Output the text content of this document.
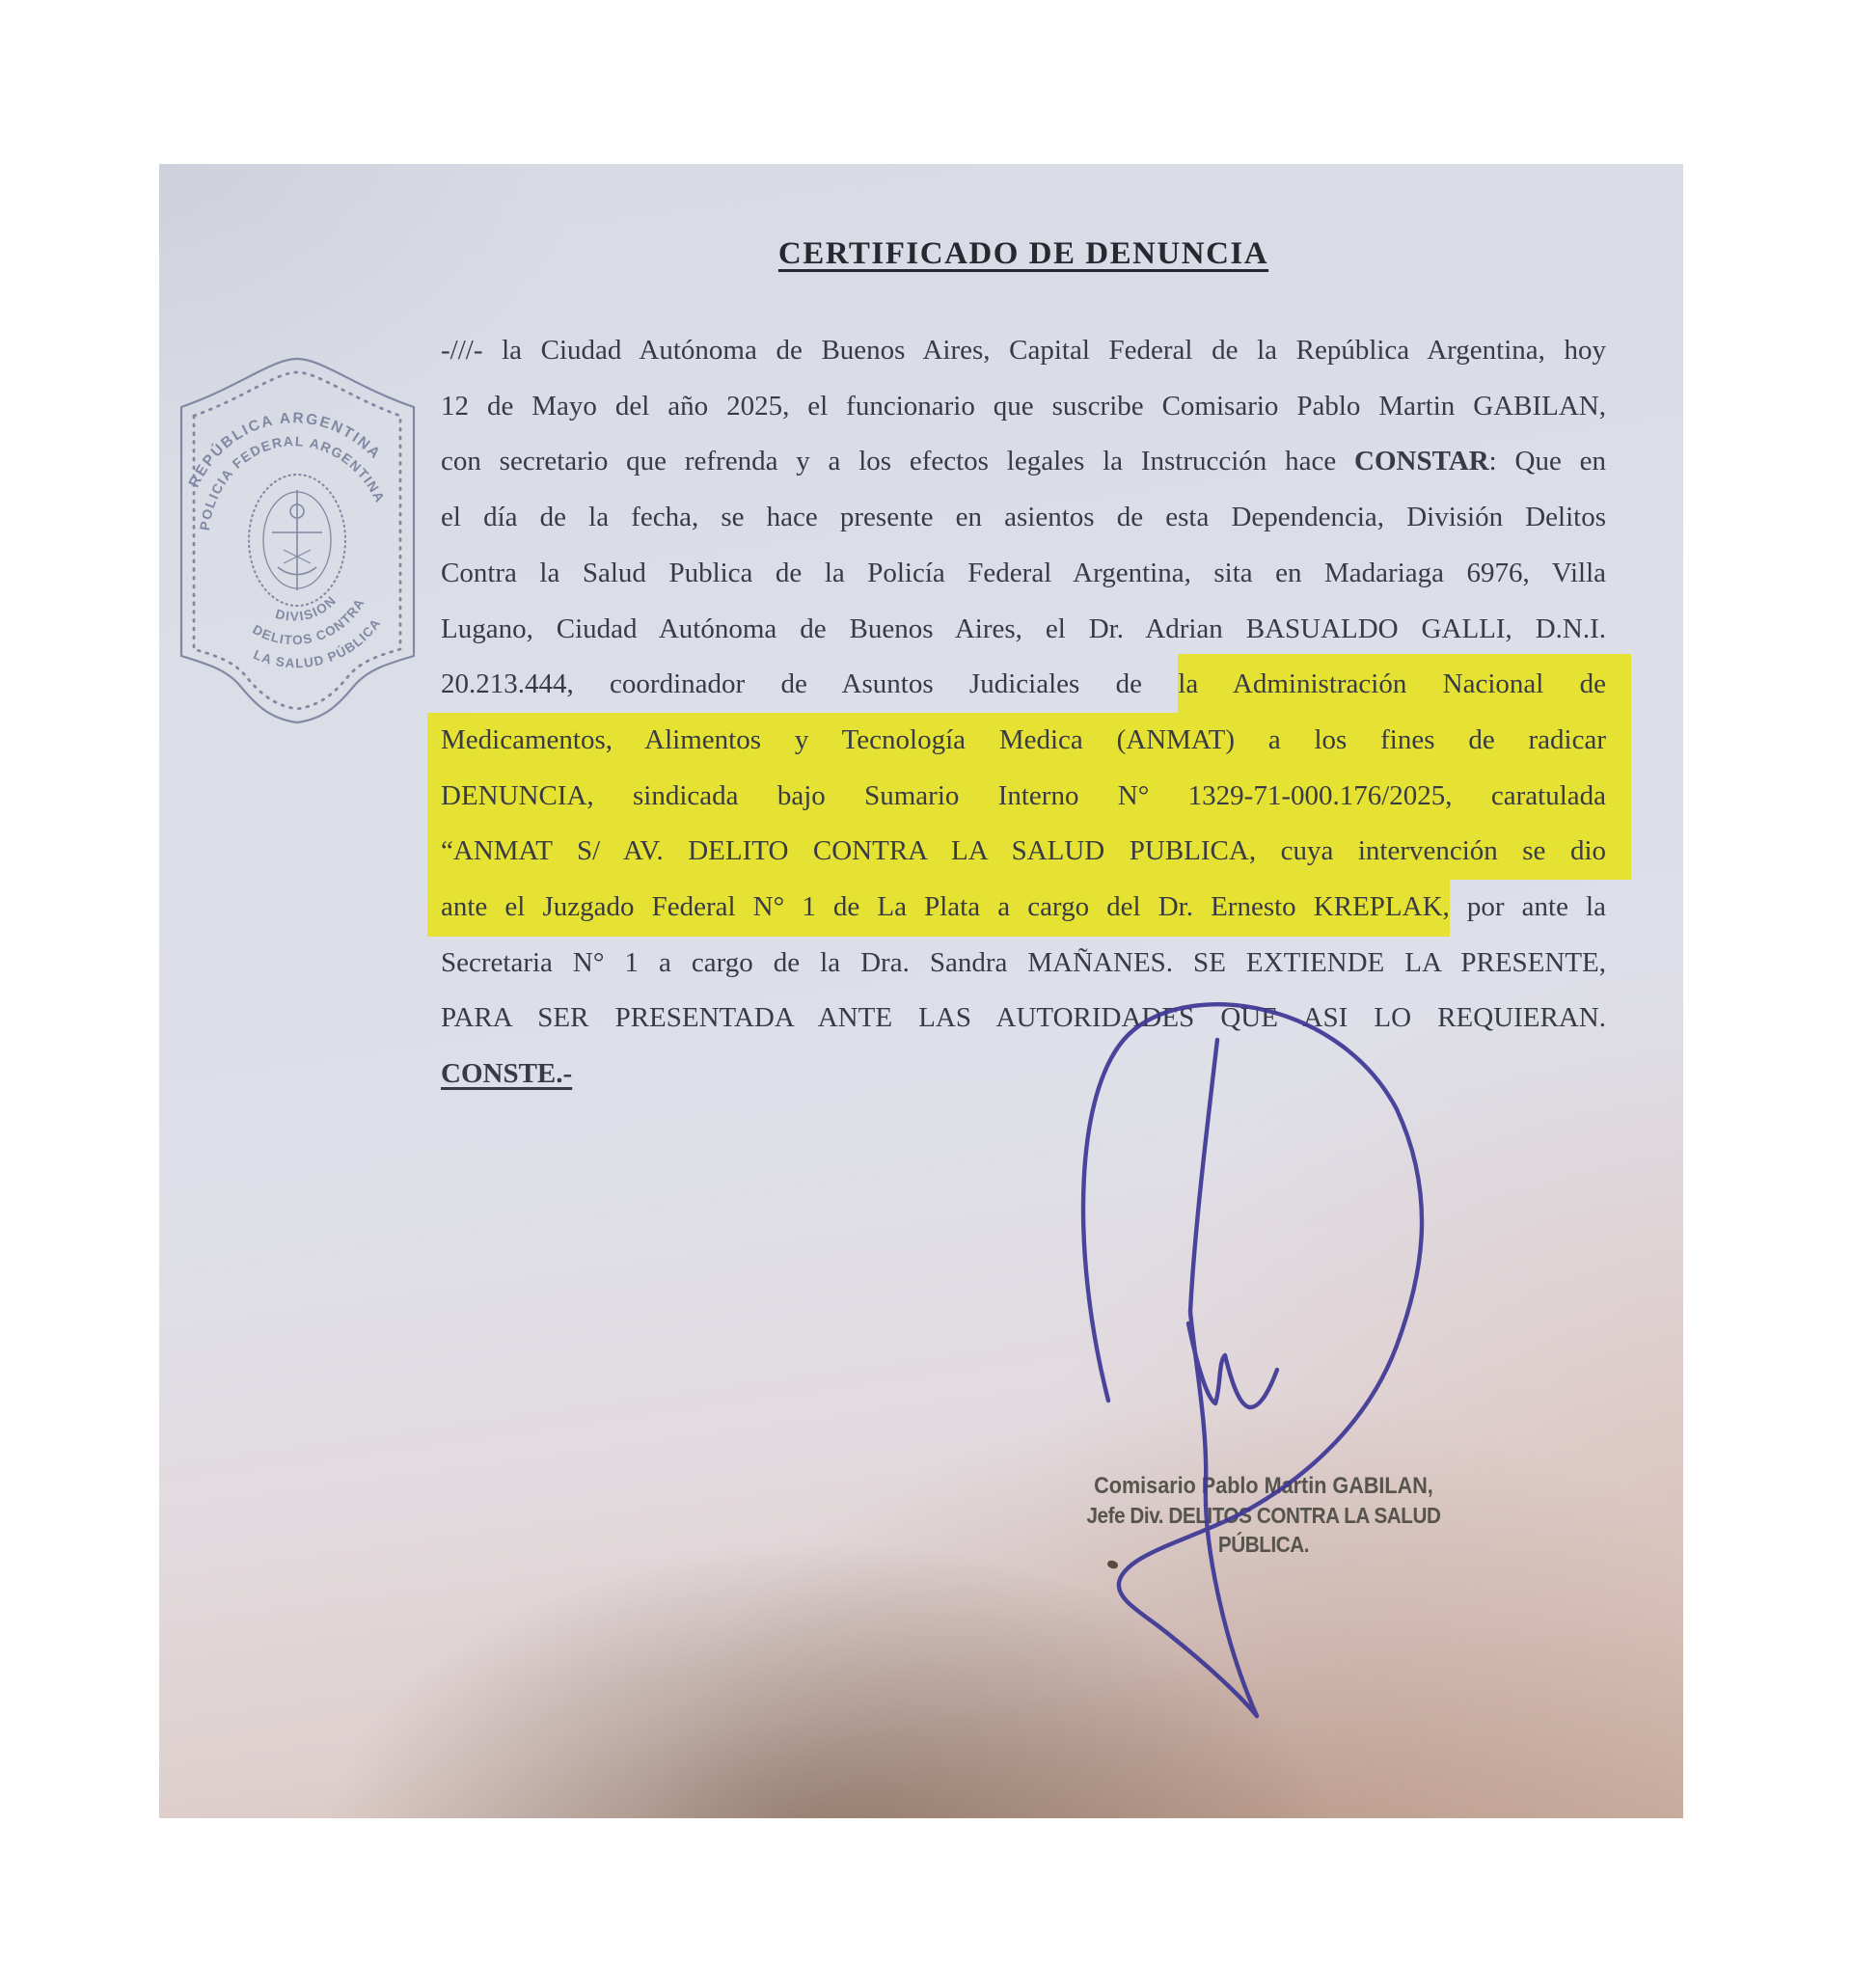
CERTIFICADO DE DENUNCIA
-///- la Ciudad Autónoma de Buenos Aires, Capital Federal de la República Argentina, hoy
12 de Mayo del año 2025, el funcionario que suscribe Comisario Pablo Martin GABILAN,
con secretario que refrenda y a los efectos legales la Instrucción hace CONSTAR: Que en
el día de la fecha, se hace presente en asientos de esta Dependencia, División Delitos
Contra la Salud Publica de la Policía Federal Argentina, sita en Madariaga 6976, Villa
Lugano, Ciudad Autónoma de Buenos Aires, el Dr. Adrian BASUALDO GALLI, D.N.I.
20.213.444, coordinador de Asuntos Judiciales de la Administración Nacional de
Medicamentos, Alimentos y Tecnología Medica (ANMAT) a los fines de radicar
DENUNCIA, sindicada bajo Sumario Interno N° 1329-71-000.176/2025, caratulada
“ANMAT S/ AV. DELITO CONTRA LA SALUD PUBLICA, cuya intervención se dio
ante el Juzgado Federal N° 1 de La Plata a cargo del Dr. Ernesto KREPLAK, por ante la
Secretaria N° 1 a cargo de la Dra. Sandra MAÑANES. SE EXTIENDE LA PRESENTE,
PARA SER PRESENTADA ANTE LAS AUTORIDADES QUE ASI LO REQUIERAN.
CONSTE.-
REPÚBLICA ARGENTINA
POLICIA FEDERAL ARGENTINA
DIVISION
DELITOS CONTRA
LA SALUD PÚBLICA
Comisario Pablo Martin GABILAN,
Jefe Div. DELITOS CONTRA LA SALUD PÚBLICA.
